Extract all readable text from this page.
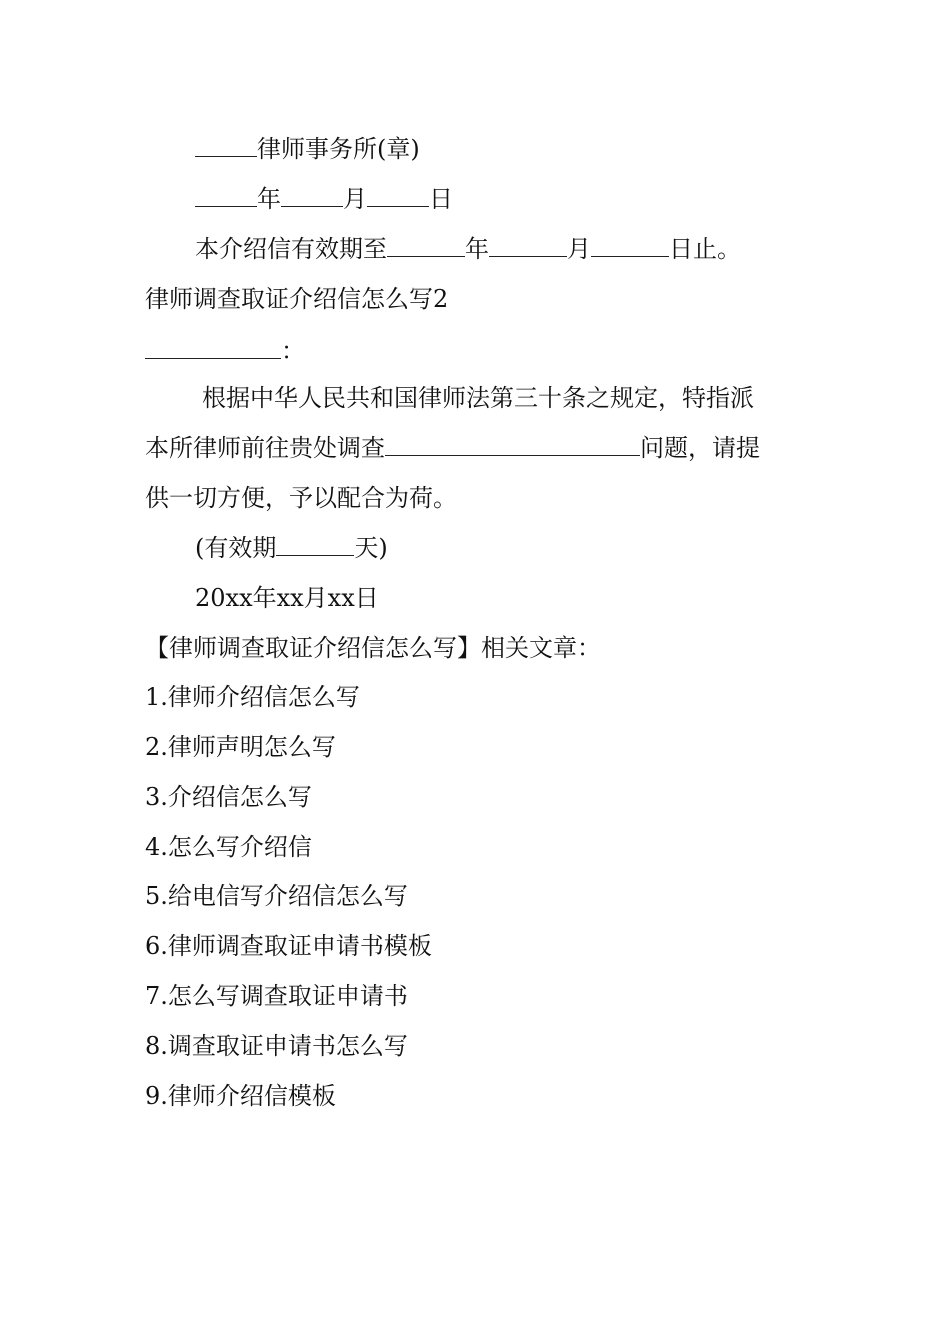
律师事务所(章)
年	月	日
本介绍信有效期至	年	月	日止。
律师调查取证介绍信怎么写2
：
根据中华人民共和国律师法第三十条之规定，特指派
本所律师前往贵处调查	问题，请提
供一切方便，予以配合为荷。
(有效期	天)
20xx年xx月xx日
【律师调查取证介绍信怎么写】相关文章：
1.律师介绍信怎么写
2.律师声明怎么写
3.介绍信怎么写
4.怎么写介绍信
5.给电信写介绍信怎么写
6.律师调查取证申请书模板
7.怎么写调查取证申请书
8.调查取证申请书怎么写
9.律师介绍信模板
